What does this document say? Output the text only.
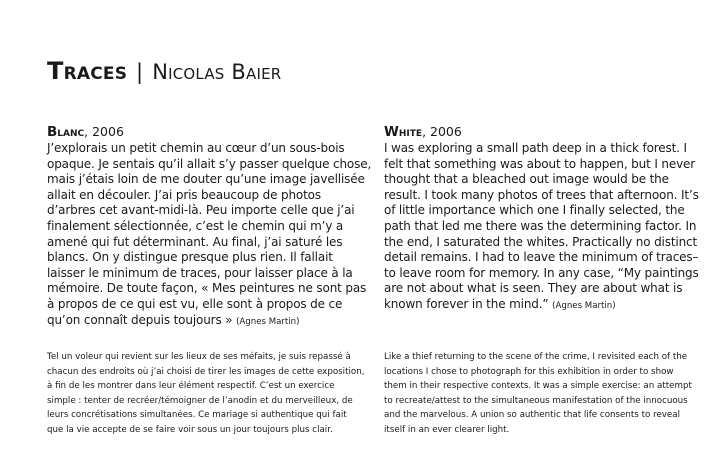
Traces | Nicolas Baier
Blanc, 2006
J’explorais un petit chemin au cœur d’un sous-bois opaque. Je sentais qu’il allait s’y passer quelque chose, mais j’étais loin de me douter qu’une image javellisée allait en découler. J’ai pris beaucoup de photos d’arbres cet avant-midi-là. Peu importe celle que j’ai finalement sélectionnée, c’est le chemin qui m’y a amené qui fut déterminant. Au final, j’ai saturé les blancs. On y distingue presque plus rien. Il fallait laisser le minimum de traces, pour laisser place à la mémoire. De toute façon, « Mes peintures ne sont pas à propos de ce qui est vu, elle sont à propos de ce qu’on connaît depuis toujours » (Agnes Martin)
White, 2006
I was exploring a small path deep in a thick forest. I felt that something was about to happen, but I never thought that a bleached out image would be the result. I took many photos of trees that afternoon. It’s of little importance which one I finally selected, the path that led me there was the determining factor. In the end, I saturated the whites. Practically no distinct detail remains. I had to leave the minimum of traces–to leave room for memory. In any case, “My paintings are not about what is seen. They are about what is known forever in the mind.” (Agnes Martin)
Tel un voleur qui revient sur les lieux de ses méfaits, je suis repassé à chacun des endroits où j’ai choisi de tirer les images de cette exposition, à fin de les montrer dans leur élément respectif. C’est un exercice simple : tenter de recréer/témoigner de l’anodin et du merveilleux, de leurs concrétisations simultanées. Ce mariage si authentique qui fait que la vie accepte de se faire voir sous un jour toujours plus clair.
Like a thief returning to the scene of the crime, I revisited each of the locations I chose to photograph for this exhibition in order to show them in their respective contexts. It was a simple exercise: an attempt to recreate/attest to the simultaneous manifestation of the innocuous and the marvelous. A union so authentic that life consents to reveal itself in an ever clearer light.
